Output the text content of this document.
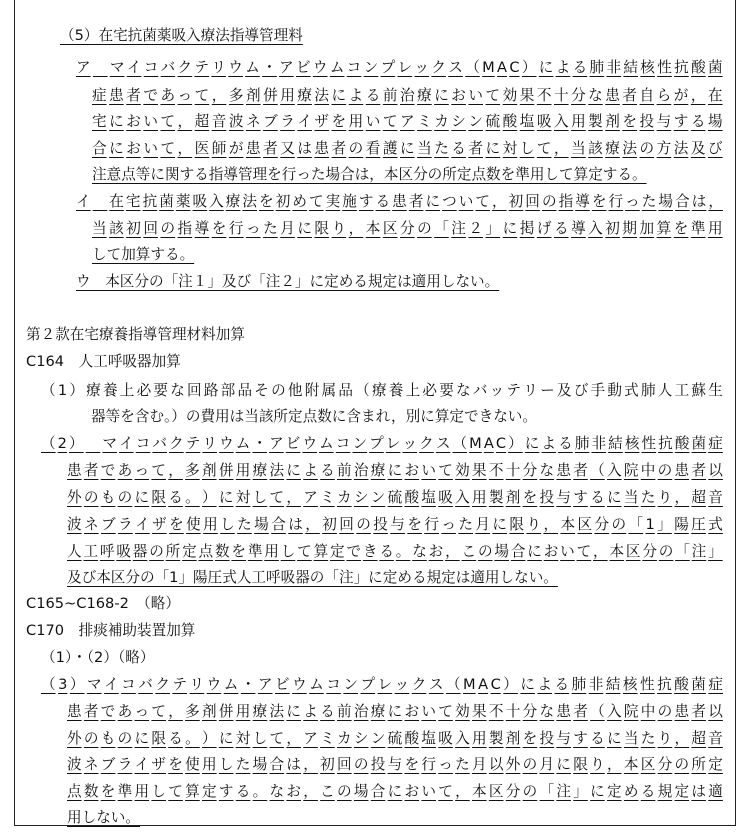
（5）在宅抗菌薬吸入療法指導管理料
ア
　 マ イ コ バ ク テ リ ウ ム ・ ア ビ ウ ム コ ン プ レ ッ ク ス （ M A C ） に よ る 肺 非 結 核 性 抗 酸 菌
症 患 者 で あ っ て ， 多 剤 併 用 療 法 に よ る 前 治 療 に お い て 効 果 不 十 分 な 患 者 自 ら が ， 在
宅 に お い て ， 超 音 波 ネ ブ ラ イ ザ を 用 い て ア ミ カ シ ン 硫 酸 塩 吸 入 用 製 剤 を 投 与 す る 場
合 に お い て ， 医 師 が 患 者 又 は 患 者 の 看 護 に 当 た る 者 に 対 し て ， 当 該 療 法 の 方 法 及 び
注意点等に関する指導管理を行った場合は，本区分の所定点数を準用して算定する。
イ
　 在 宅 抗 菌 薬 吸 入 療 法 を 初 め て 実 施 す る 患 者 に つ い て ， 初 回 の 指 導 を 行 っ た 場 合 は ，
当 該 初 回 の 指 導 を 行 っ た 月 に 限 り ， 本 区 分 の 「 注 ２ 」 に 掲 げ る 導 入 初 期 加 算 を 準 用
して加算する。
ウ　本区分の「注１」及び「注２」に定める規定は適用しない。
第２款在宅療養指導管理材料加算
C164　人工呼吸器加算
（ 1 ） 療 養 上 必 要 な 回 路 部 品 そ の 他 附 属 品 （ 療 養 上 必 要 な バ ッ テ リ ー 及 び 手 動 式 肺 人 工 蘇 生
器等を含む。）の費用は当該所定点数に含まれ，別に算定できない。
（ 2 ）
　 マ イ コ バ ク テ リ ウ ム ・ ア ビ ウ ム コ ン プ レ ッ ク ス （ M A C ） に よ る 肺 非 結 核 性 抗 酸 菌 症
患 者 で あ っ て ， 多 剤 併 用 療 法 に よ る 前 治 療 に お い て 効 果 不 十 分 な 患 者 （ 入 院 中 の 患 者 以
外 の も の に 限 る 。 ） に 対 し て ， ア ミ カ シ ン 硫 酸 塩 吸 入 用 製 剤 を 投 与 す る に 当 た り ， 超 音
波 ネ ブ ラ イ ザ を 使 用 し た 場 合 は ， 初 回 の 投 与 を 行 っ た 月 に 限 り ， 本 区 分 の 「 1 」 陽 圧 式
人 工 呼 吸 器 の 所 定 点 数 を 準 用 し て 算 定 で き る 。 な お ， こ の 場 合 に お い て ， 本 区 分 の 「 注 」
及び本区分の「1」陽圧式人工呼吸器の「注」に定める規定は適用しない。
C165~C168-2　（略）
C170　排痰補助装置加算
（1）・（2）（略）
（ 3 ） マ イ コ バ ク テ リ ウ ム ・ ア ビ ウ ム コ ン プ レ ッ ク ス （ M A C ） に よ る 肺 非 結 核 性 抗 酸 菌 症
患 者 で あ っ て ， 多 剤 併 用 療 法 に よ る 前 治 療 に お い て 効 果 不 十 分 な 患 者 （ 入 院 中 の 患 者 以
外 の も の に 限 る 。 ） に 対 し て ， ア ミ カ シ ン 硫 酸 塩 吸 入 用 製 剤 を 投 与 す る に 当 た り ， 超 音
波 ネ ブ ラ イ ザ を 使 用 し た 場 合 は ， 初 回 の 投 与 を 行 っ た 月 以 外 の 月 に 限 り ， 本 区 分 の 所 定
点 数 を 準 用 し て 算 定 す る 。 な お ， こ の 場 合 に お い て ， 本 区 分 の 「 注 」 に 定 め る 規 定 は 適
用しない。
